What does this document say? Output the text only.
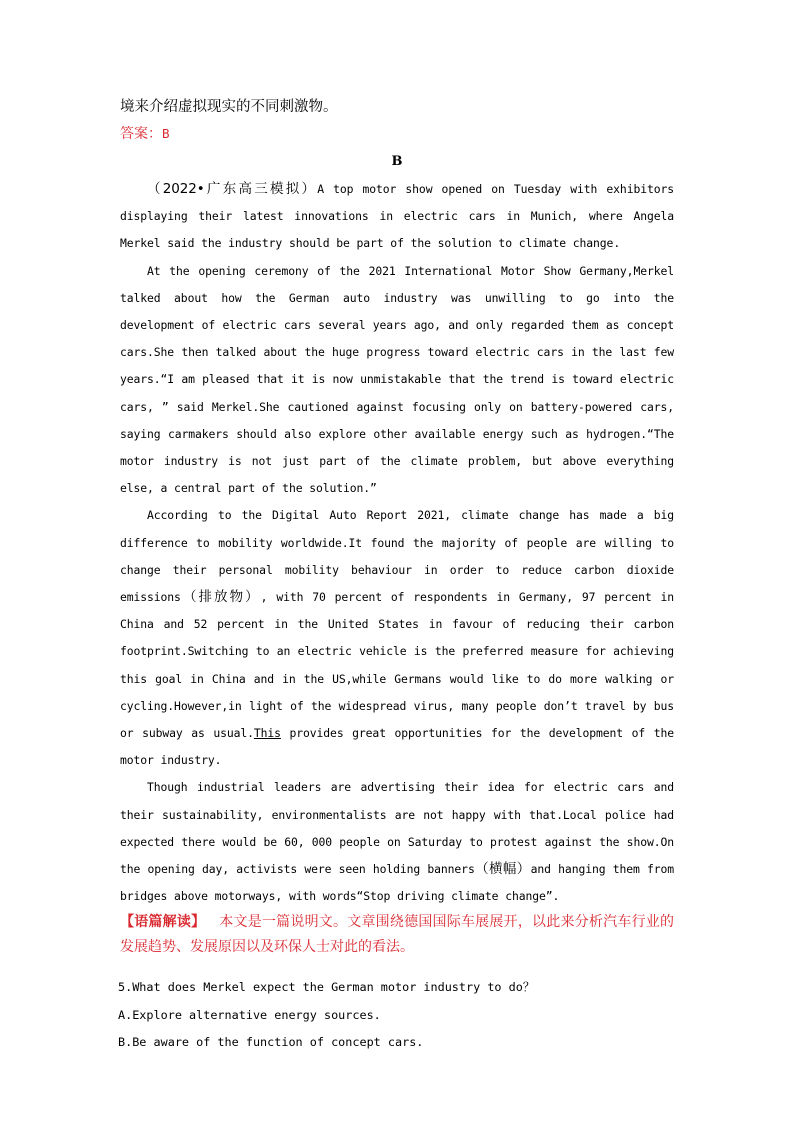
境来介绍虚拟现实的不同刺激物。

答案：B

B

（2022•广东高三模拟）A top motor show opened on Tuesday with exhibitors displaying their latest innovations in electric cars in Munich, where Angela Merkel said the industry should be part of the solution to climate change.

At the opening ceremony of the 2021 International Motor Show Germany,Merkel talked about how the German auto industry was unwilling to go into the development of electric cars several years ago, and only regarded them as concept cars.She then talked about the huge progress toward electric cars in the last few years.“I am pleased that it is now unmistakable that the trend is toward electric cars, ” said Merkel.She cautioned against focusing only on battery-powered cars, saying carmakers should also explore other available energy such as hydrogen.“The motor industry is not just part of the climate problem, but above everything else, a central part of the solution.”

According to the Digital Auto Report 2021, climate change has made a big difference to mobility worldwide.It found the majority of people are willing to change their personal mobility behaviour in order to reduce carbon dioxide emissions（排放物）, with 70 percent of respondents in Germany, 97 percent in China and 52 percent in the United States in favour of reducing their carbon footprint.Switching to an electric vehicle is the preferred measure for achieving this goal in China and in the US,while Germans would like to do more walking or cycling.However,in light of the widespread virus, many people don’t travel by bus or subway as usual.This provides great opportunities for the development of the motor industry.

Though industrial leaders are advertising their idea for electric cars and their sustainability, environmentalists are not happy with that.Local police had expected there would be 60, 000 people on Saturday to protest against the show.On the opening day, activists were seen holding banners（横幅）and hanging them from bridges above motorways, with words“Stop driving climate change”.

【语篇解读】 本文是一篇说明文。文章围绕德国国际车展展开，以此来分析汽车行业的发展趋势、发展原因以及环保人士对此的看法。

5.What does Merkel expect the German motor industry to do？

A.Explore alternative energy sources.

B.Be aware of the function of concept cars.
